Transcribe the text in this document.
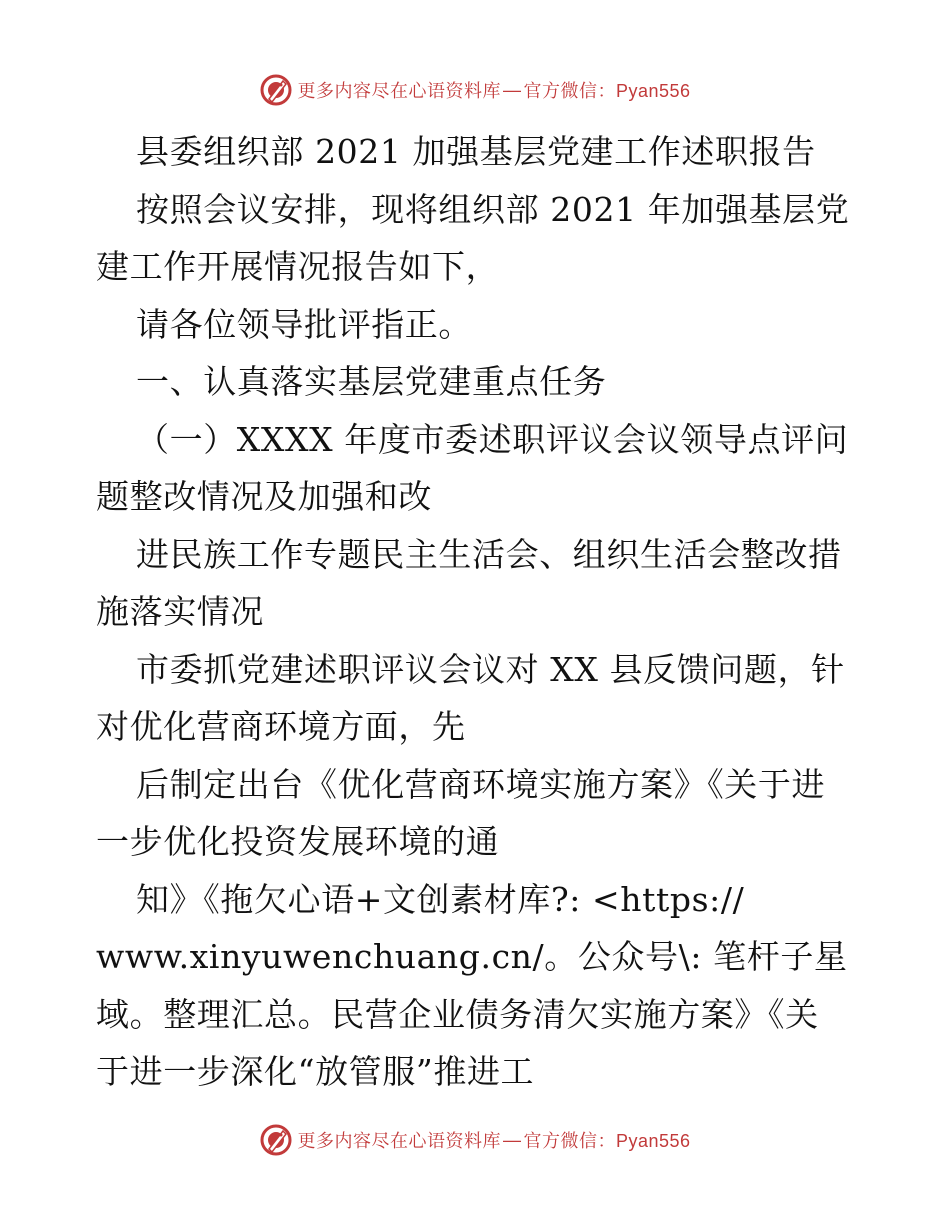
更多内容尽在心语资料库 — 官方微信：Pyan556
县委组织部 2021 加强基层党建工作述职报告
按照会议安排，现将组织部 2021 年加强基层党
建工作开展情况报告如下，
请各位领导批评指正。
一、认真落实基层党建重点任务
（一）XXXX 年度市委述职评议会议领导点评问
题整改情况及加强和改
进民族工作专题民主生活会、组织生活会整改措
施落实情况
市委抓党建述职评议会议对 XX 县反馈问题，针
对优化营商环境方面，先
后制定出台《优化营商环境实施方案》《关于进
一步优化投资发展环境的通
知》《拖欠心语+文创素材库?: <https://
www.xinyuwenchuang.cn/。公众号\: 笔杆子星
域。整理汇总。民营企业债务清欠实施方案》《关
于进一步深化“放管服”推进工
更多内容尽在心语资料库 — 官方微信：Pyan556
